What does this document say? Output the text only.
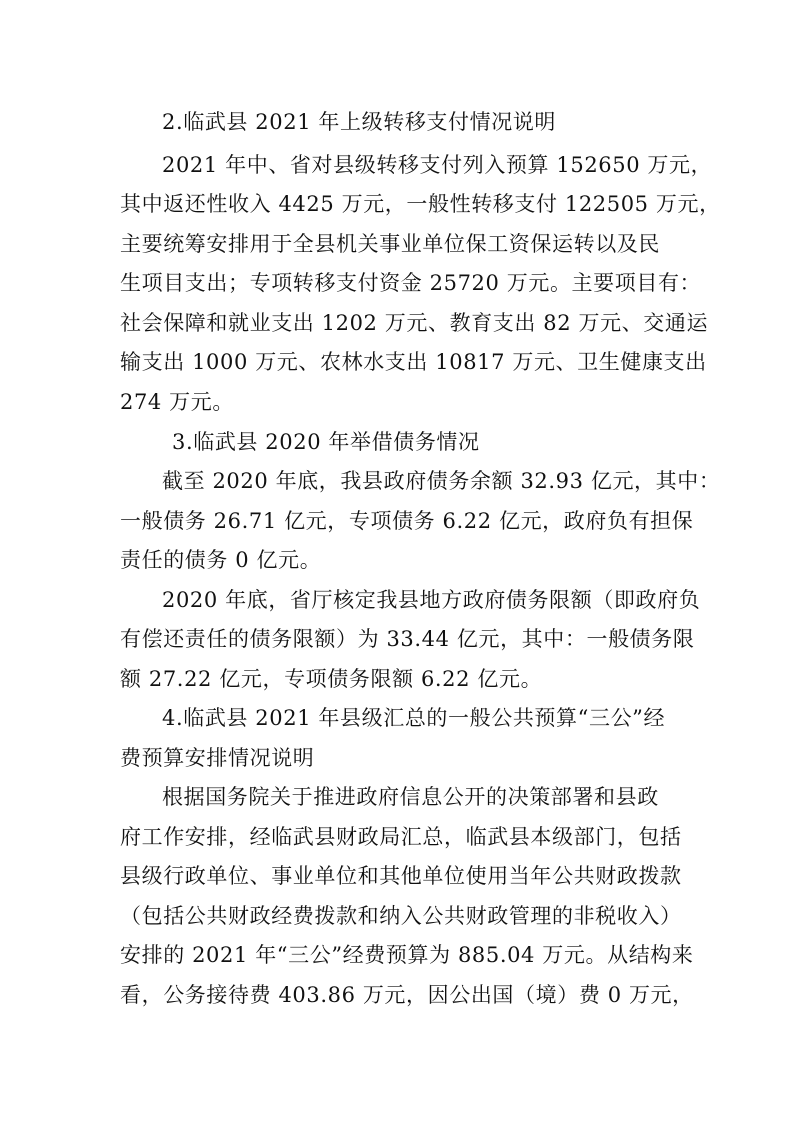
2.临武县 2021 年上级转移支付情况说明
2021 年中、省对县级转移支付列入预算 152650 万元，
其中返还性收入 4425 万元，一般性转移支付 122505 万元，
主要统筹安排用于全县机关事业单位保工资保运转以及民
生项目支出；专项转移支付资金 25720 万元。主要项目有：
社会保障和就业支出 1202 万元、教育支出 82 万元、交通运
输支出 1000 万元、农林水支出 10817 万元、卫生健康支出
274 万元。
3.临武县 2020 年举借债务情况
截至 2020 年底，我县政府债务余额 32.93 亿元，其中：
一般债务 26.71 亿元，专项债务 6.22 亿元，政府负有担保
责任的债务 0 亿元。
2020 年底，省厅核定我县地方政府债务限额（即政府负
有偿还责任的债务限额）为 33.44 亿元，其中：一般债务限
额 27.22 亿元，专项债务限额 6.22 亿元。
4.临武县 2021 年县级汇总的一般公共预算“三公”经
费预算安排情况说明
根据国务院关于推进政府信息公开的决策部署和县政
府工作安排，经临武县财政局汇总，临武县本级部门，包括
县级行政单位、事业单位和其他单位使用当年公共财政拨款
（包括公共财政经费拨款和纳入公共财政管理的非税收入）
安排的 2021 年“三公”经费预算为 885.04 万元。从结构来
看，公务接待费 403.86 万元，因公出国（境）费 0 万元，
